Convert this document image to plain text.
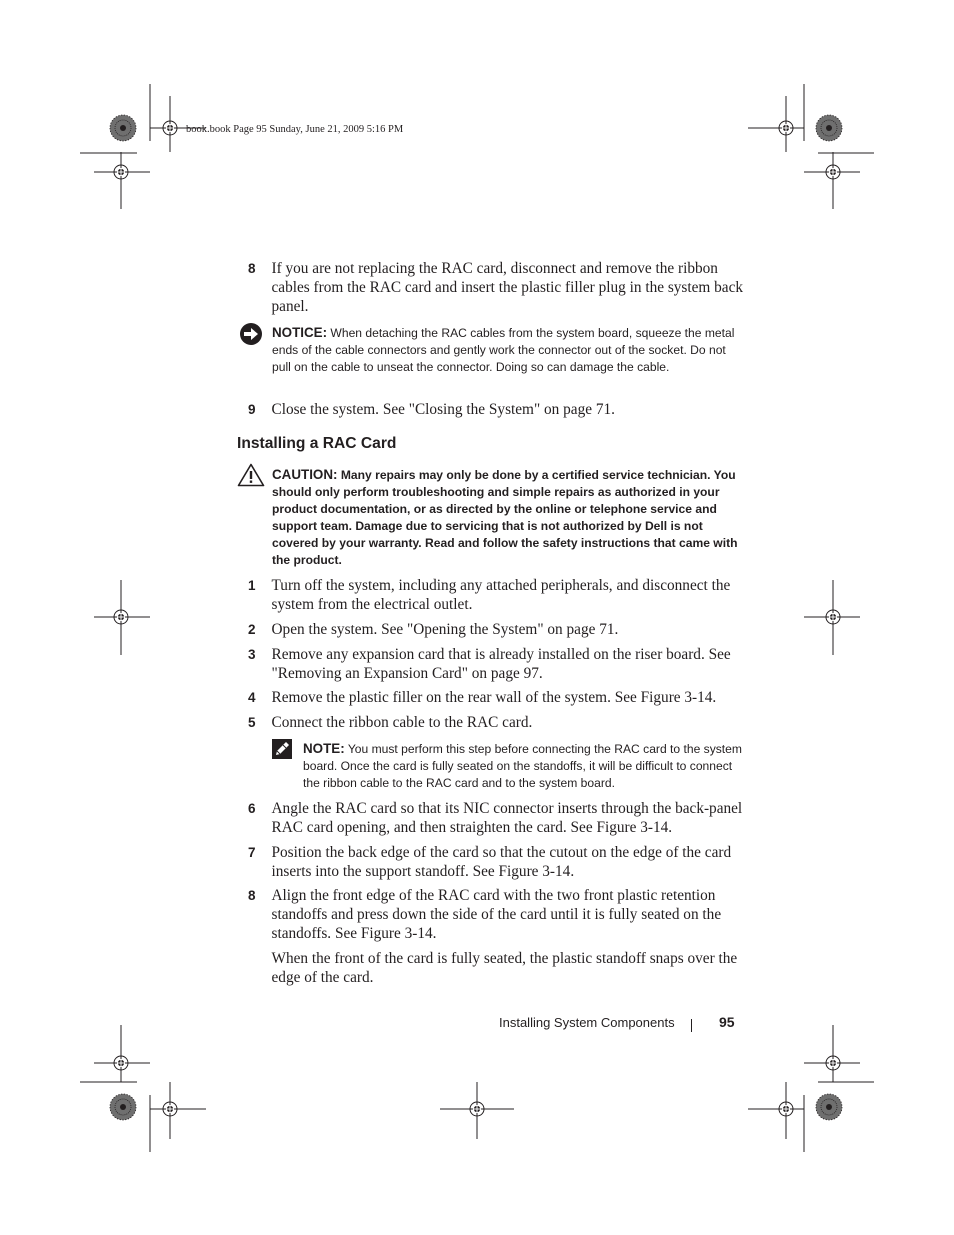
book.book Page 95 Sunday, June 21, 2009 5:16 PM
8 If you are not replacing the RAC card, disconnect and remove the ribbon cables from the RAC card and insert the plastic filler plug in the system back panel.
NOTICE: When detaching the RAC cables from the system board, squeeze the metal ends of the cable connectors and gently work the connector out of the socket. Do not pull on the cable to unseat the connector. Doing so can damage the cable.
9 Close the system. See "Closing the System" on page 71.
Installing a RAC Card
CAUTION: Many repairs may only be done by a certified service technician. You should only perform troubleshooting and simple repairs as authorized in your product documentation, or as directed by the online or telephone service and support team. Damage due to servicing that is not authorized by Dell is not covered by your warranty. Read and follow the safety instructions that came with the product.
1 Turn off the system, including any attached peripherals, and disconnect the system from the electrical outlet.
2 Open the system. See "Opening the System" on page 71.
3 Remove any expansion card that is already installed on the riser board. See "Removing an Expansion Card" on page 97.
4 Remove the plastic filler on the rear wall of the system. See Figure 3-14.
5 Connect the ribbon cable to the RAC card.
NOTE: You must perform this step before connecting the RAC card to the system board. Once the card is fully seated on the standoffs, it will be difficult to connect the ribbon cable to the RAC card and to the system board.
6 Angle the RAC card so that its NIC connector inserts through the back-panel RAC card opening, and then straighten the card. See Figure 3-14.
7 Position the back edge of the card so that the cutout on the edge of the card inserts into the support standoff. See Figure 3-14.
8 Align the front edge of the RAC card with the two front plastic retention standoffs and press down the side of the card until it is fully seated on the standoffs. See Figure 3-14.
When the front of the card is fully seated, the plastic standoff snaps over the edge of the card.
Installing System Components	95
